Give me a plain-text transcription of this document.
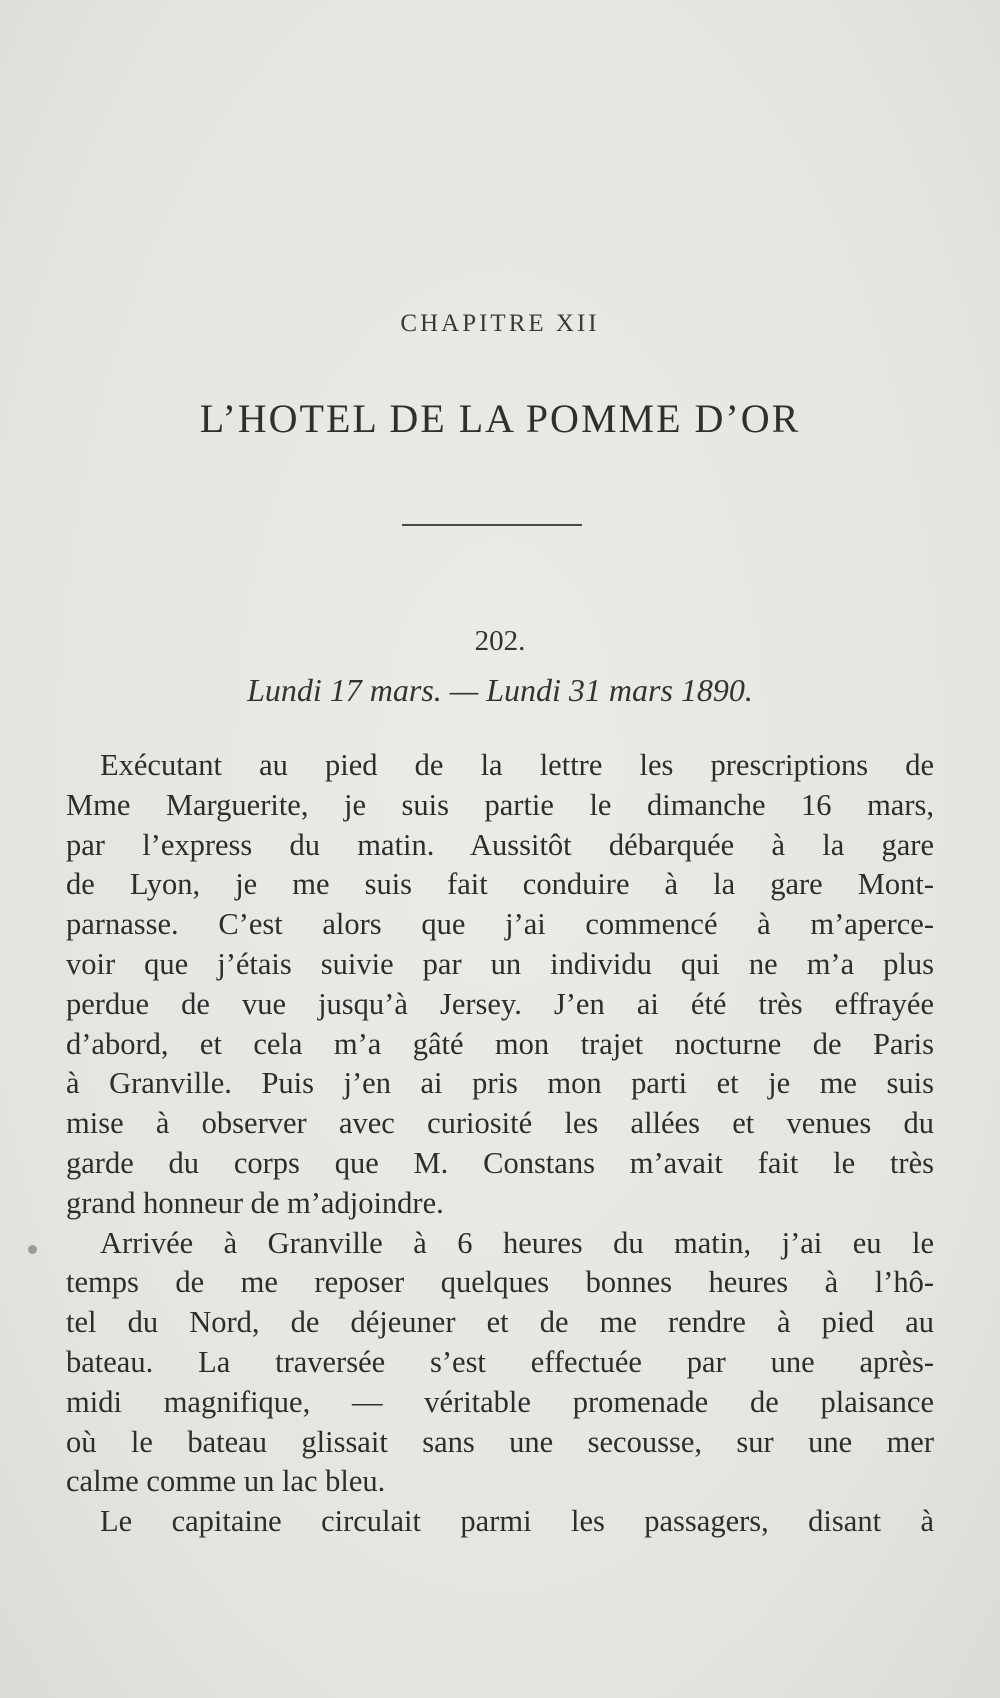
CHAPITRE XII
L’HOTEL DE LA POMME D’OR
202.
Lundi 17 mars. — Lundi 31 mars 1890.
Exécutant au pied de la lettre les prescriptions de
Mme Marguerite, je suis partie le dimanche 16 mars,
par l’express du matin. Aussitôt débarquée à la gare
de Lyon, je me suis fait conduire à la gare Mont-
parnasse. C’est alors que j’ai commencé à m’aperce-
voir que j’étais suivie par un individu qui ne m’a plus
perdue de vue jusqu’à Jersey. J’en ai été très effrayée
d’abord, et cela m’a gâté mon trajet nocturne de Paris
à Granville. Puis j’en ai pris mon parti et je me suis
mise à observer avec curiosité les allées et venues du
garde du corps que M. Constans m’avait fait le très
grand honneur de m’adjoindre.
Arrivée à Granville à 6 heures du matin, j’ai eu le
temps de me reposer quelques bonnes heures à l’hô-
tel du Nord, de déjeuner et de me rendre à pied au
bateau. La traversée s’est effectuée par une après-
midi magnifique, — véritable promenade de plaisance
où le bateau glissait sans une secousse, sur une mer
calme comme un lac bleu.
Le capitaine circulait parmi les passagers, disant à
